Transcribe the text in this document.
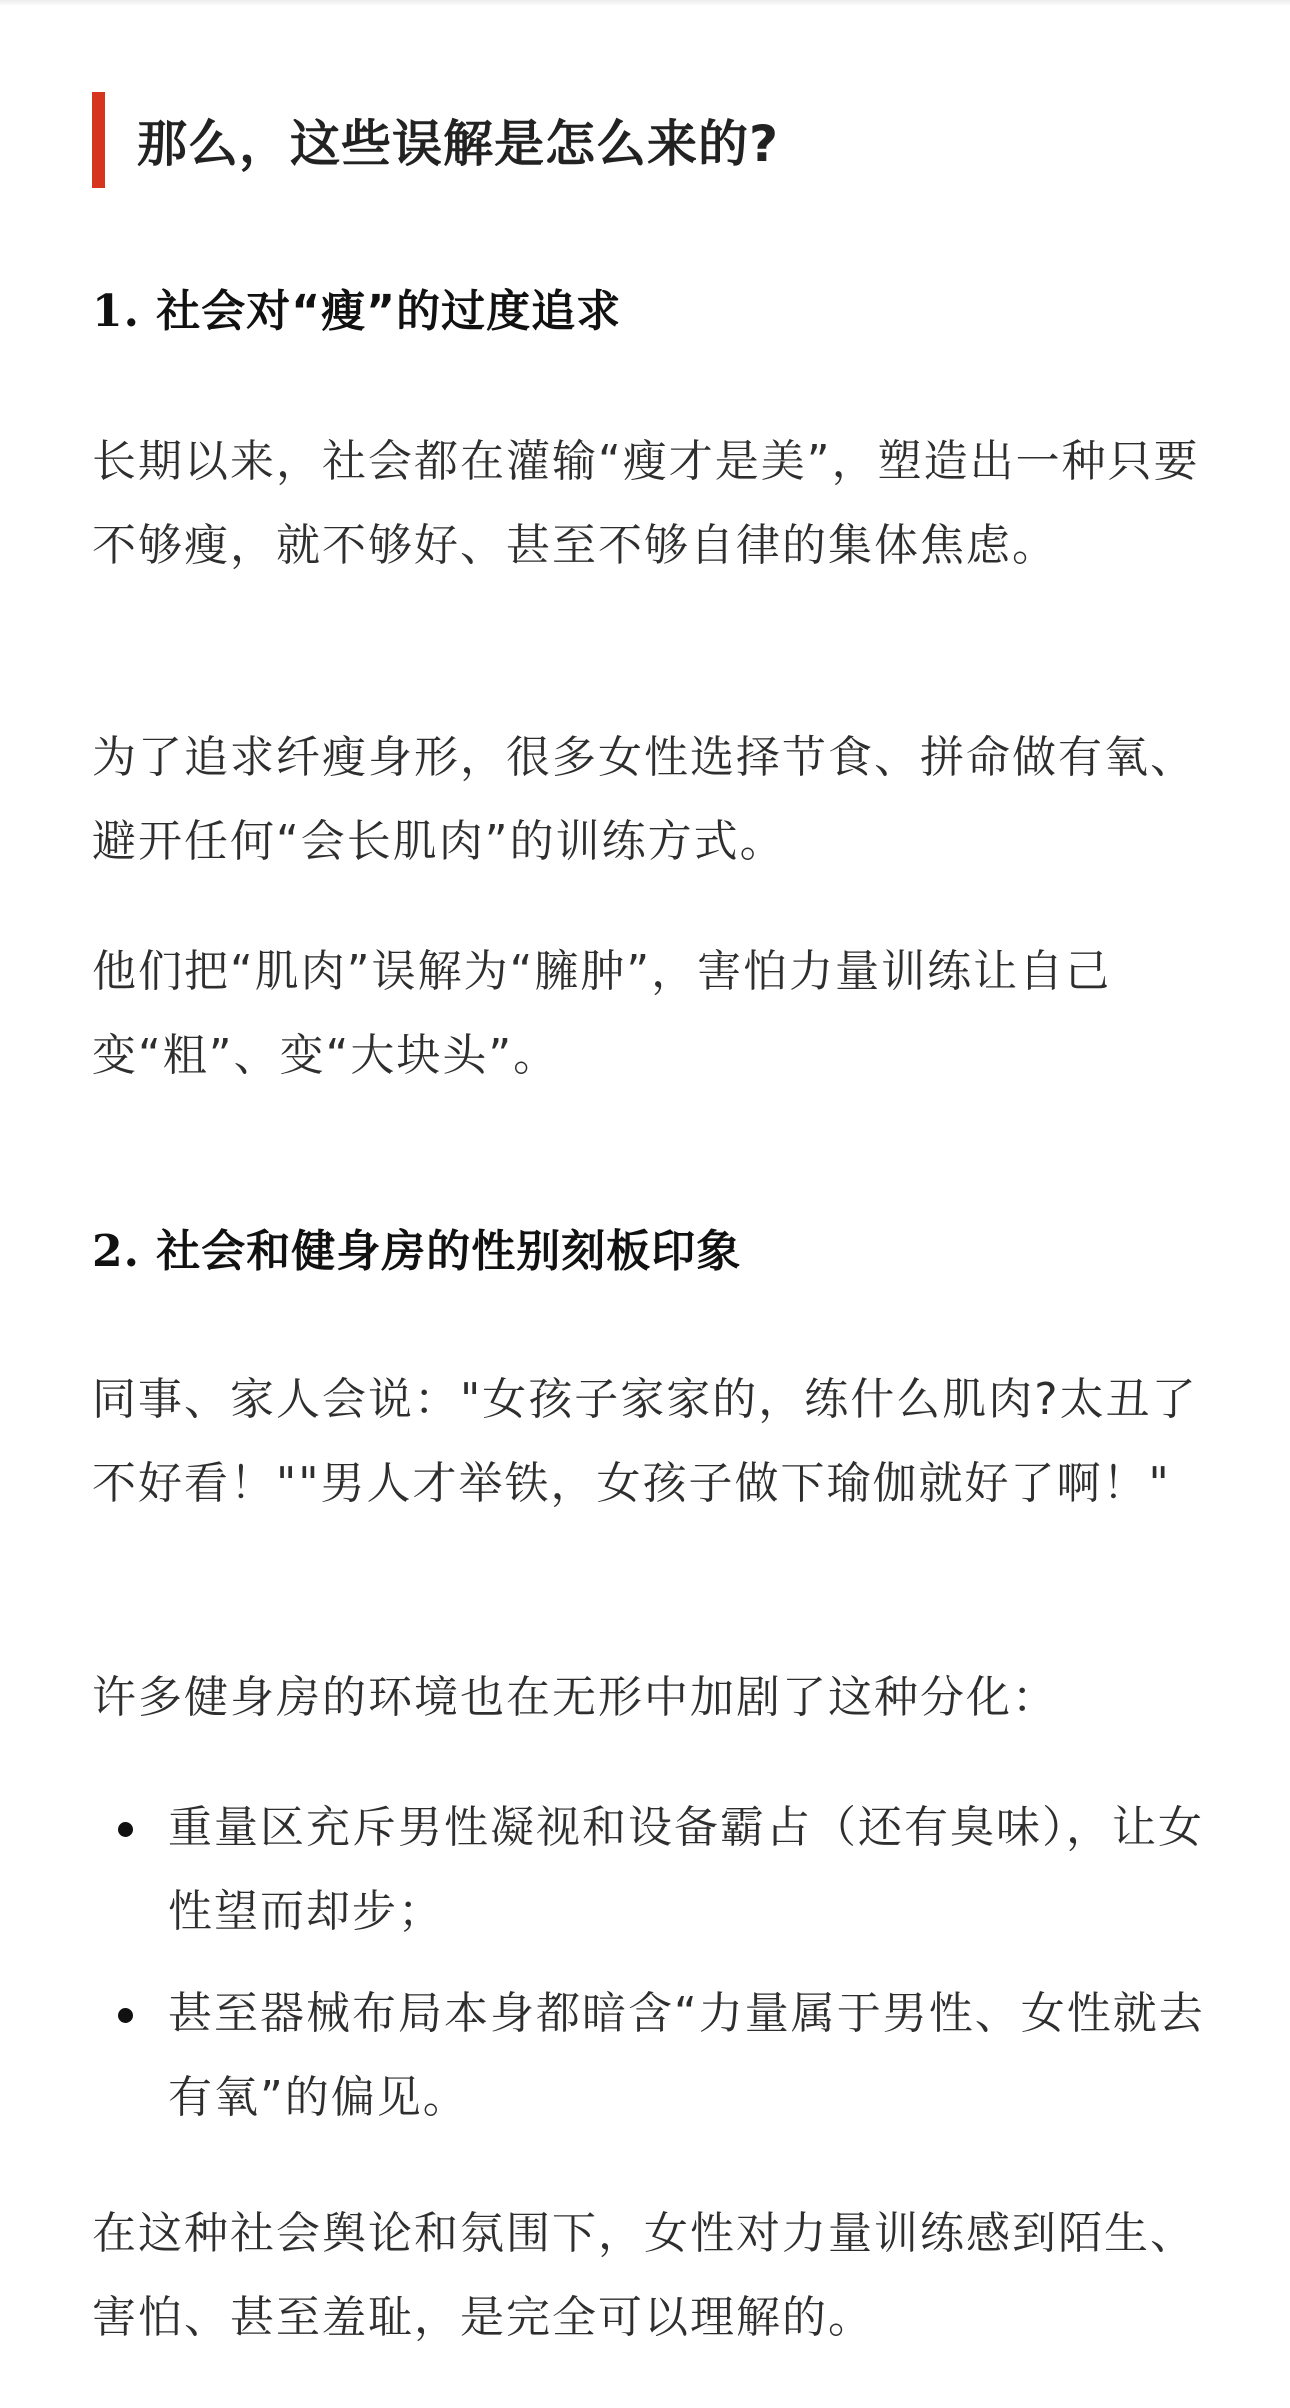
那么，这些误解是怎么来的?
1. 社会对“瘦”的过度追求

长期以来，社会都在灌输“瘦才是美”，塑造出一种只要不够瘦，就不够好、甚至不够自律的集体焦虑。

为了追求纤瘦身形，很多女性选择节食、拼命做有氧、避开任何“会长肌肉”的训练方式。

他们把“肌肉”误解为“臃肿”，害怕力量训练让自己变“粗”、变“大块头”。

2. 社会和健身房的性别刻板印象

同事、家人会说："女孩子家家的，练什么肌肉?太丑了不好看！""男人才举铁，女孩子做下瑜伽就好了啊！"

许多健身房的环境也在无形中加剧了这种分化：

重量区充斥男性凝视和设备霸占（还有臭味），让女性望而却步；
甚至器械布局本身都暗含“力量属于男性、女性就去有氧”的偏见。

在这种社会舆论和氛围下，女性对力量训练感到陌生、害怕、甚至羞耻，是完全可以理解的。
